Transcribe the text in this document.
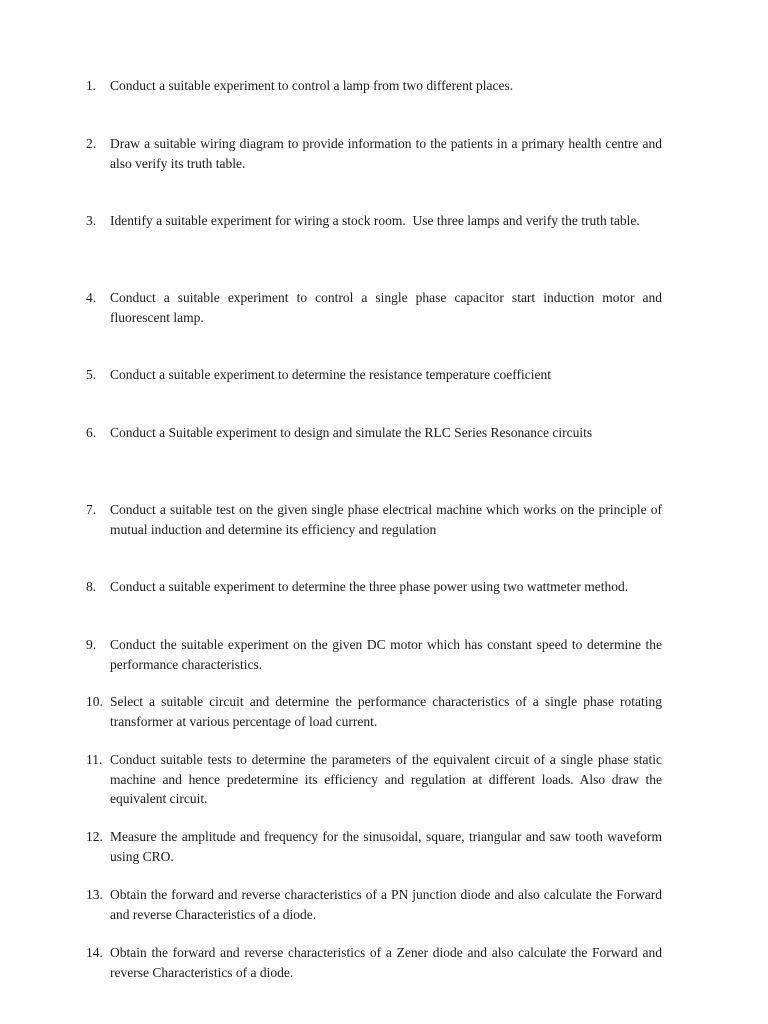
1.	Conduct a suitable experiment to control a lamp from two different places.
2.	Draw a suitable wiring diagram to provide information to the patients in a primary health centre and also verify its truth table.
3.	Identify a suitable experiment for wiring a stock room.  Use three lamps and verify the truth table.
4.	Conduct a suitable experiment to control a single phase capacitor start induction motor and fluorescent lamp.
5.	Conduct a suitable experiment to determine the resistance temperature coefficient
6.	Conduct a Suitable experiment to design and simulate the RLC Series Resonance circuits
7.	Conduct a suitable test on the given single phase electrical machine which works on the principle of mutual induction and determine its efficiency and regulation
8.	Conduct a suitable experiment to determine the three phase power using two wattmeter method.
9.	Conduct the suitable experiment on the given DC motor which has constant speed to determine the performance characteristics.
10. Select a suitable circuit and determine the performance characteristics of a single phase rotating transformer at various percentage of load current.
11. Conduct suitable tests to determine the parameters of the equivalent circuit of a single phase static machine and hence predetermine its efficiency and regulation at different loads. Also draw the equivalent circuit.
12. Measure the amplitude and frequency for the sinusoidal, square, triangular and saw tooth waveform using CRO.
13. Obtain the forward and reverse characteristics of a PN junction diode and also calculate the Forward and reverse Characteristics of a diode.
14. Obtain the forward and reverse characteristics of a Zener diode and also calculate the Forward and reverse Characteristics of a diode.
